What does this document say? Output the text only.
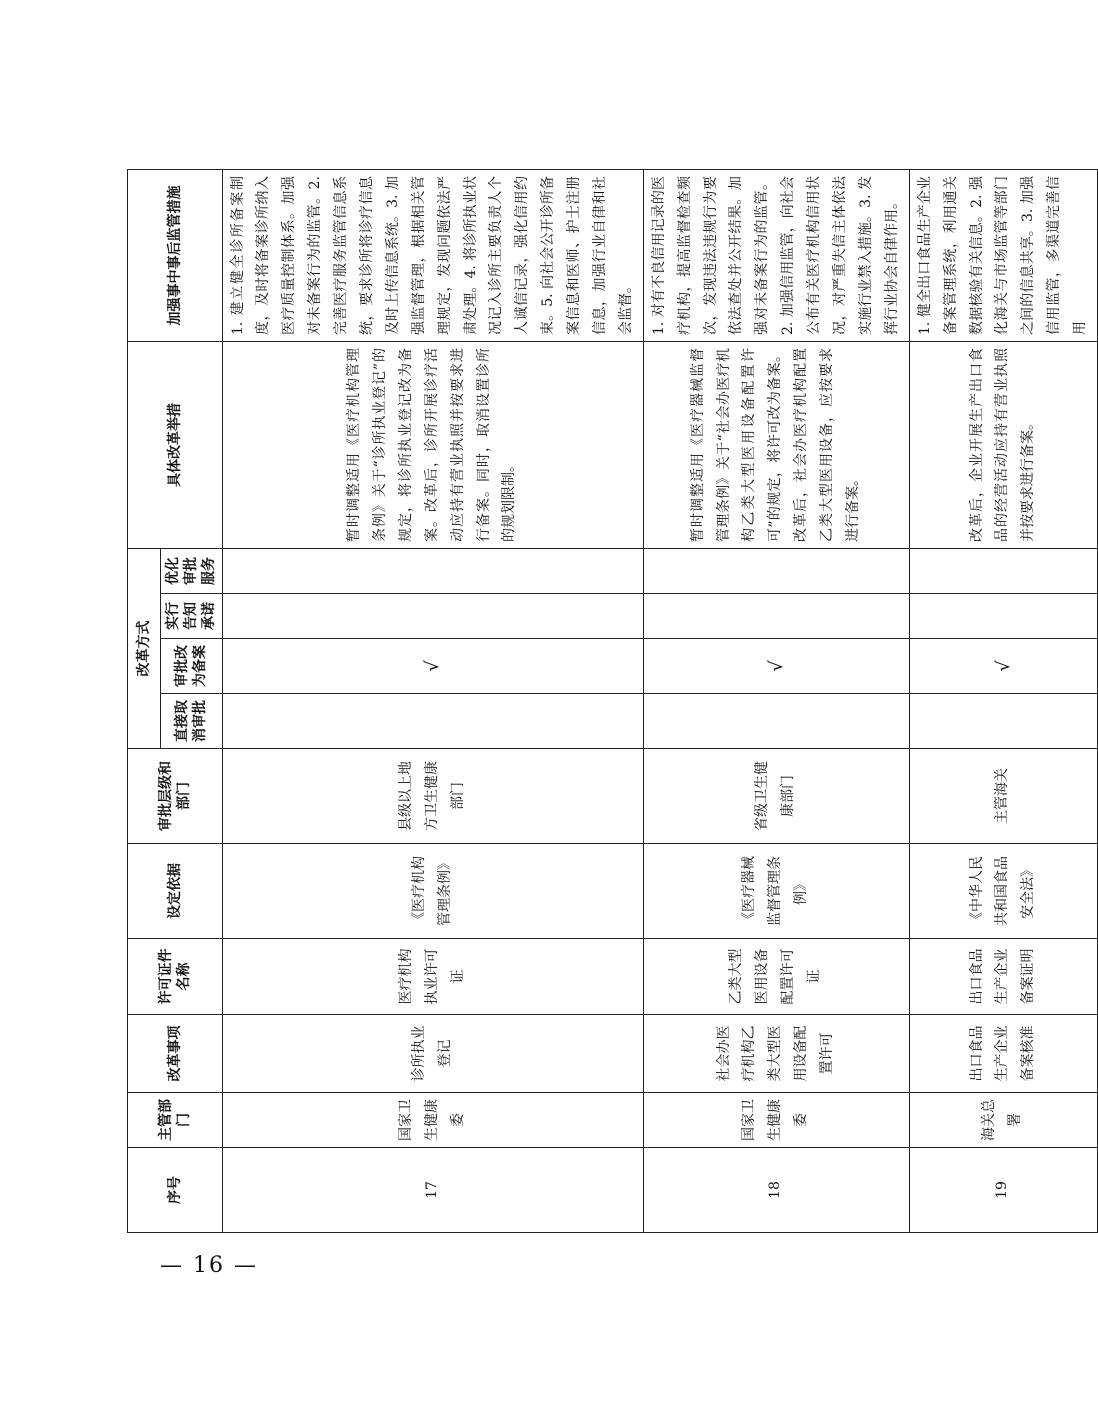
序号	主管部门	改革事项	许可证件名称	设定依据	审批层级和部门	改革方式				具体改革举措	加强事中事后监管措施
						直接取消审批	审批改为备案	实行告知承诺	优化审批服务		
17	国家卫生健康委	诊所执业登记	医疗机构执业许可证	《医疗机构管理条例》	县级以上地方卫生健康部门		√			暂时调整适用《医疗机构管理条例》关于“诊所执业登记”的规定，将诊所执业登记改为备案。改革后，诊所开展诊疗活动应持有营业执照并按要求进行备案。同时，取消设置诊所的规划限制。	1. 建立健全诊所备案制度，及时将备案诊所纳入医疗质量控制体系。加强对未备案行为的监管。2. 完善医疗服务监管信息系统，要求诊所将诊疗信息及时上传信息系统。3. 加强监督管理，根据相关管理规定，发现问题依法严肃处理。4. 将诊所执业状况记入诊所主要负责人个人诚信记录，强化信用约束。5. 向社会公开诊所备案信息和医师、护士注册信息，加强行业自律和社会监督。
18	国家卫生健康委	社会办医疗机构乙类大型医用设备配置许可	乙类大型医用设备配置许可证	《医疗器械监督管理条例》	省级卫生健康部门		√			暂时调整适用《医疗器械监督管理条例》关于“社会办医疗机构乙类大型医用设备配置许可”的规定，将许可改为备案。改革后，社会办医疗机构配置乙类大型医用设备，应按要求进行备案。	1. 对有不良信用记录的医疗机构，提高监督检查频次，发现违法违规行为要依法查处并公开结果。加强对未备案行为的监管。2. 加强信用监管，向社会公布有关医疗机构信用状况，对严重失信主体依法实施行业禁入措施。3. 发挥行业协会自律作用。
19	海关总署	出口食品生产企业备案核准	出口食品生产企业备案证明	《中华人民共和国食品安全法》	主管海关		√			改革后，企业开展生产出口食品的经营活动应持有营业执照并按要求进行备案。	1. 健全出口食品生产企业备案管理系统，利用通关数据核验有关信息。2. 强化海关与市场监管等部门之间的信息共享。3. 加强信用监管，多渠道完善信用
— 16 —
